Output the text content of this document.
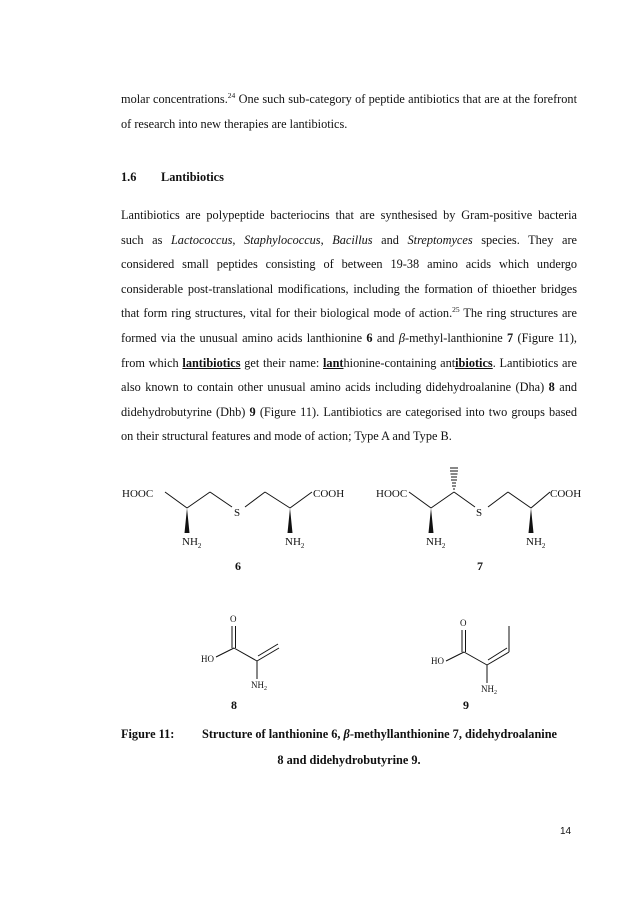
molar concentrations.$^{24}$ One such sub-category of peptide antibiotics that are at the forefront of research into new therapies are lantibiotics.

1.6 Lantibiotics

Lantibiotics are polypeptide bacteriocins that are synthesised by Gram-positive bacteria such as Lactococcus, Staphylococcus, Bacillus and Streptomyces species. They are considered small peptides consisting of between 19-38 amino acids which undergo considerable post-translational modifications, including the formation of thioether bridges that form ring structures, vital for their biological mode of action.$^{25}$ The ring structures are formed via the unusual amino acids lanthionine 6 and β-methyl-lanthionine 7 (Figure 11), from which lantibiotics get their name: lanthionine-containing antibiotics. Lantibiotics are also known to contain other unusual amino acids including didehydroalanine (Dha) 8 and didehydrobutyrine (Dhb) 9 (Figure 11). Lantibiotics are categorised into two groups based on their structural features and mode of action; Type A and Type B.

HOOC
S
COOH
$NH_2$	$NH_2$
6
HOOC
S
COOH
$NH_2$	$NH_2$
7
O
HO
$NH_2$
8
O
HO
$NH_2$
9
Figure 11: Structure of lanthionine 6, β-methyllanthionine 7, didehydroalanine
8 and didehydrobutyrine 9.
14
